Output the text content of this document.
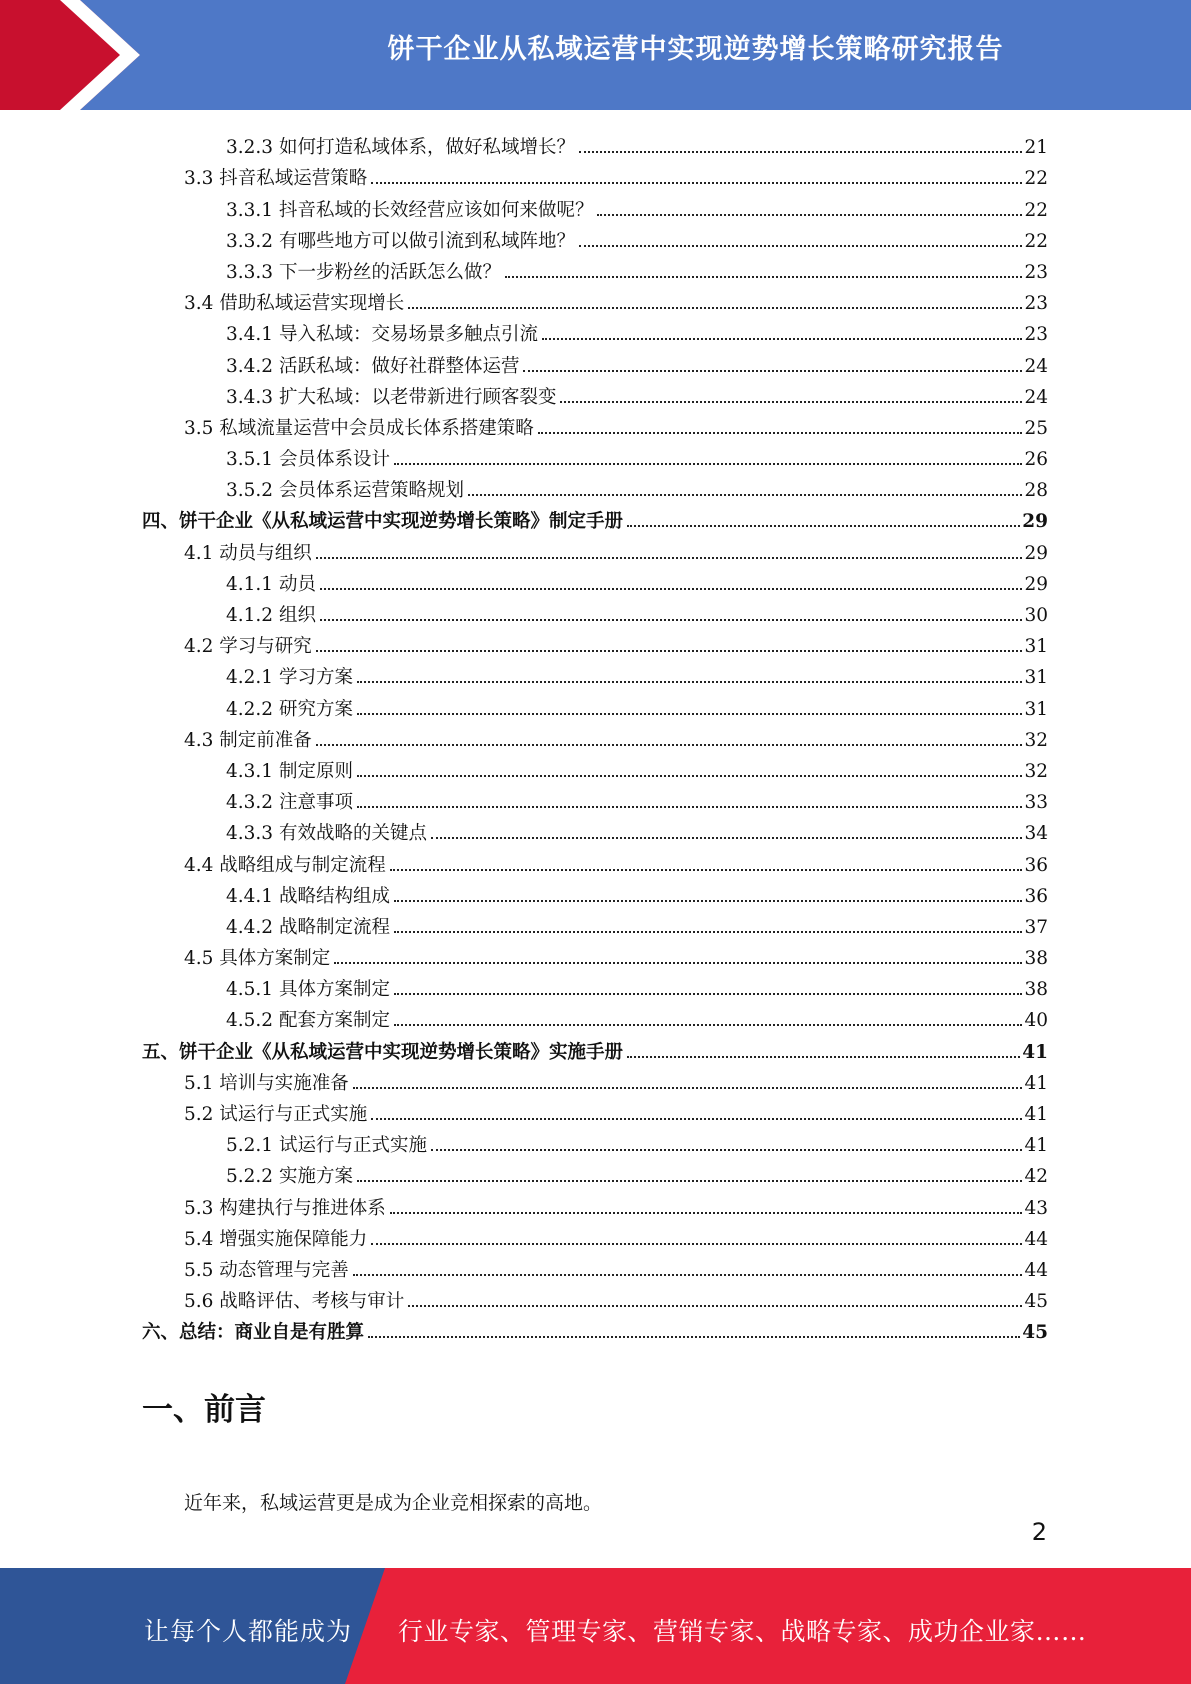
饼干企业从私域运营中实现逆势增长策略研究报告
3.2.3 如何打造私域体系，做好私域增长？	21
3.3 抖音私域运营策略	22
3.3.1 抖音私域的长效经营应该如何来做呢？	22
3.3.2 有哪些地方可以做引流到私域阵地？	22
3.3.3 下一步粉丝的活跃怎么做？	23
3.4 借助私域运营实现增长	23
3.4.1 导入私域：交易场景多触点引流	23
3.4.2 活跃私域：做好社群整体运营	24
3.4.3 扩大私域：以老带新进行顾客裂变	24
3.5 私域流量运营中会员成长体系搭建策略	25
3.5.1 会员体系设计	26
3.5.2 会员体系运营策略规划	28
四、饼干企业《从私域运营中实现逆势增长策略》制定手册	29
4.1 动员与组织	29
4.1.1 动员	29
4.1.2 组织	30
4.2 学习与研究	31
4.2.1 学习方案	31
4.2.2 研究方案	31
4.3 制定前准备	32
4.3.1 制定原则	32
4.3.2 注意事项	33
4.3.3 有效战略的关键点	34
4.4 战略组成与制定流程	36
4.4.1 战略结构组成	36
4.4.2 战略制定流程	37
4.5 具体方案制定	38
4.5.1 具体方案制定	38
4.5.2 配套方案制定	40
五、饼干企业《从私域运营中实现逆势增长策略》实施手册	41
5.1 培训与实施准备	41
5.2 试运行与正式实施	41
5.2.1 试运行与正式实施	41
5.2.2 实施方案	42
5.3 构建执行与推进体系	43
5.4 增强实施保障能力	44
5.5 动态管理与完善	44
5.6 战略评估、考核与审计	45
六、总结：商业自是有胜算	45
一、前言
近年来，私域运营更是成为企业竞相探索的高地。
2
让每个人都能成为 行业专家、管理专家、营销专家、战略专家、成功企业家……
